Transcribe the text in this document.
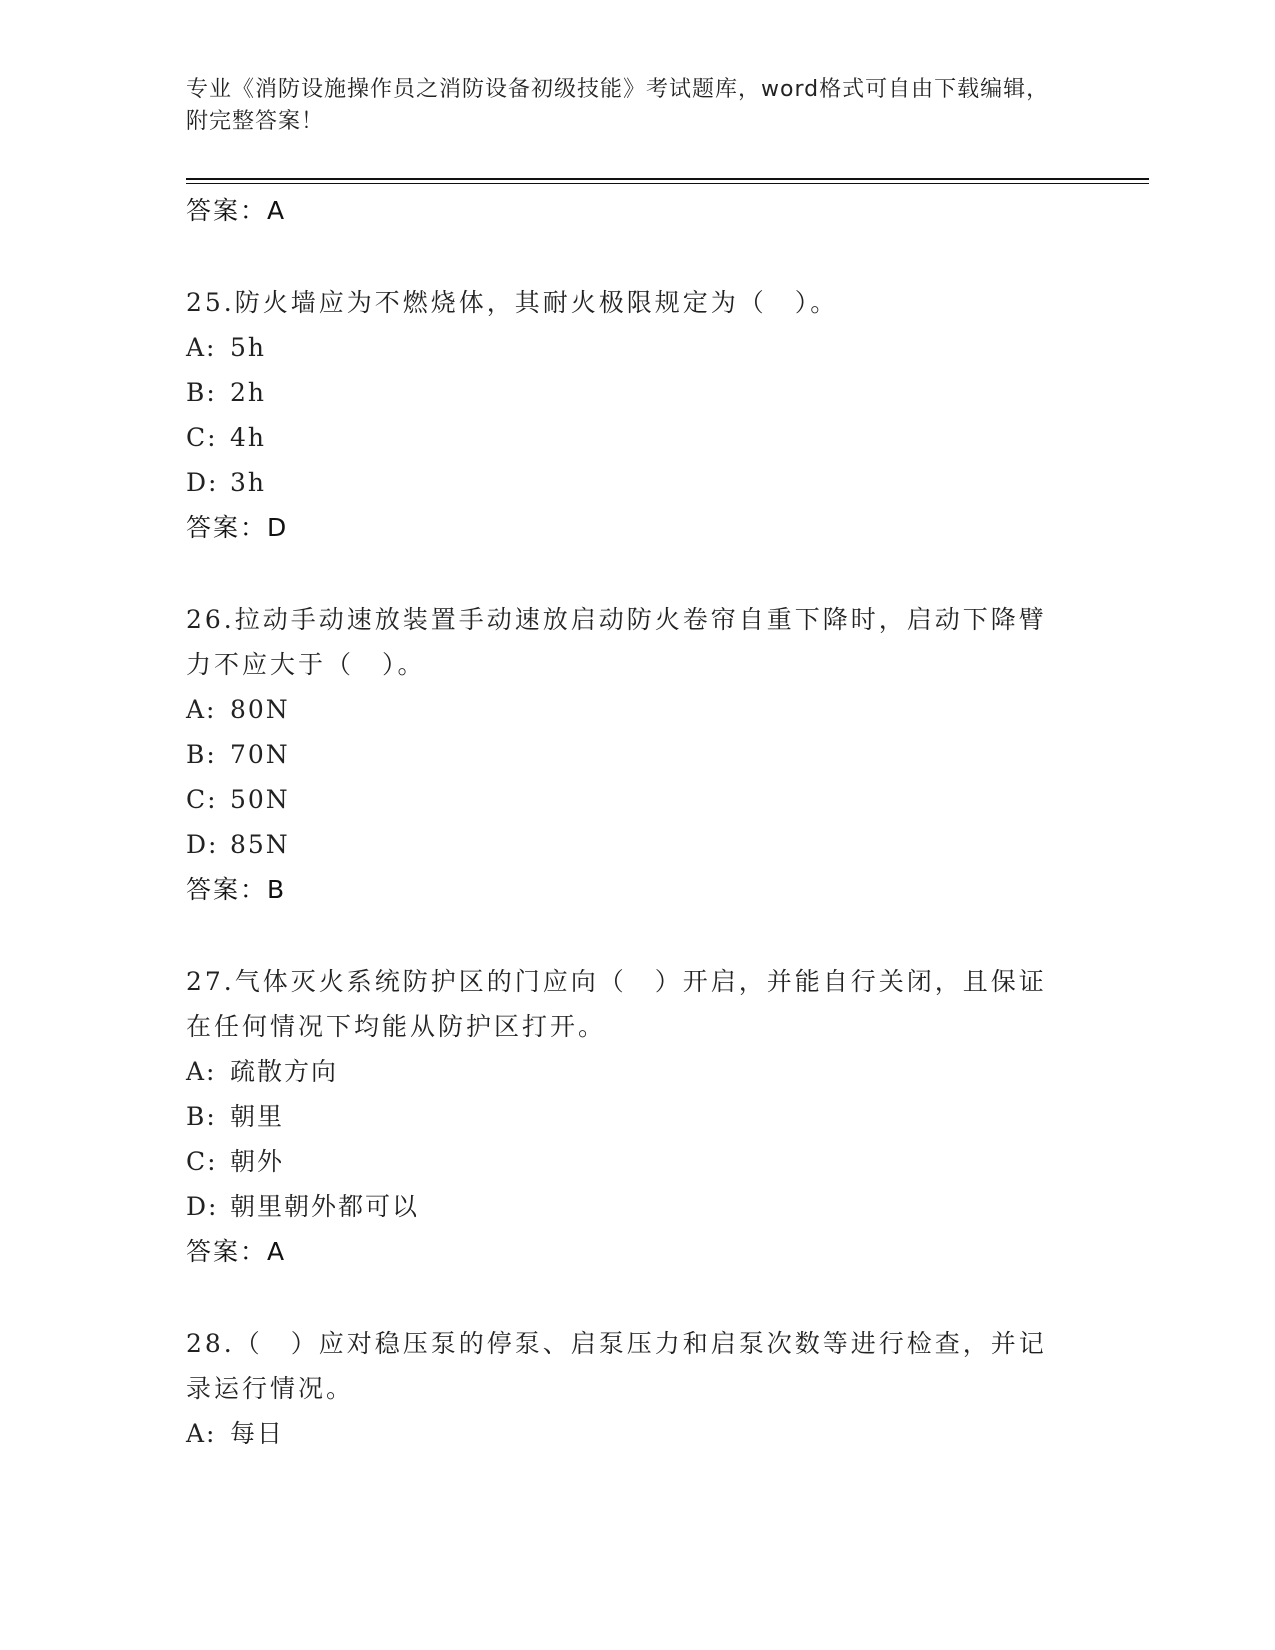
专业《消防设施操作员之消防设备初级技能》考试题库，word格式可自由下载编辑，附完整答案！
答案：A
25.防火墙应为不燃烧体，其耐火极限规定为（　）。
A: 5h
B: 2h
C: 4h
D: 3h
答案：D
26.拉动手动速放装置手动速放启动防火卷帘自重下降时，启动下降臂力不应大于（　）。
A: 80N
B: 70N
C: 50N
D: 85N
答案：B
27.气体灭火系统防护区的门应向（　）开启，并能自行关闭，且保证在任何情况下均能从防护区打开。
A: 疏散方向
B: 朝里
C: 朝外
D: 朝里朝外都可以
答案：A
28.（　）应对稳压泵的停泵、启泵压力和启泵次数等进行检查，并记录运行情况。
A: 每日
